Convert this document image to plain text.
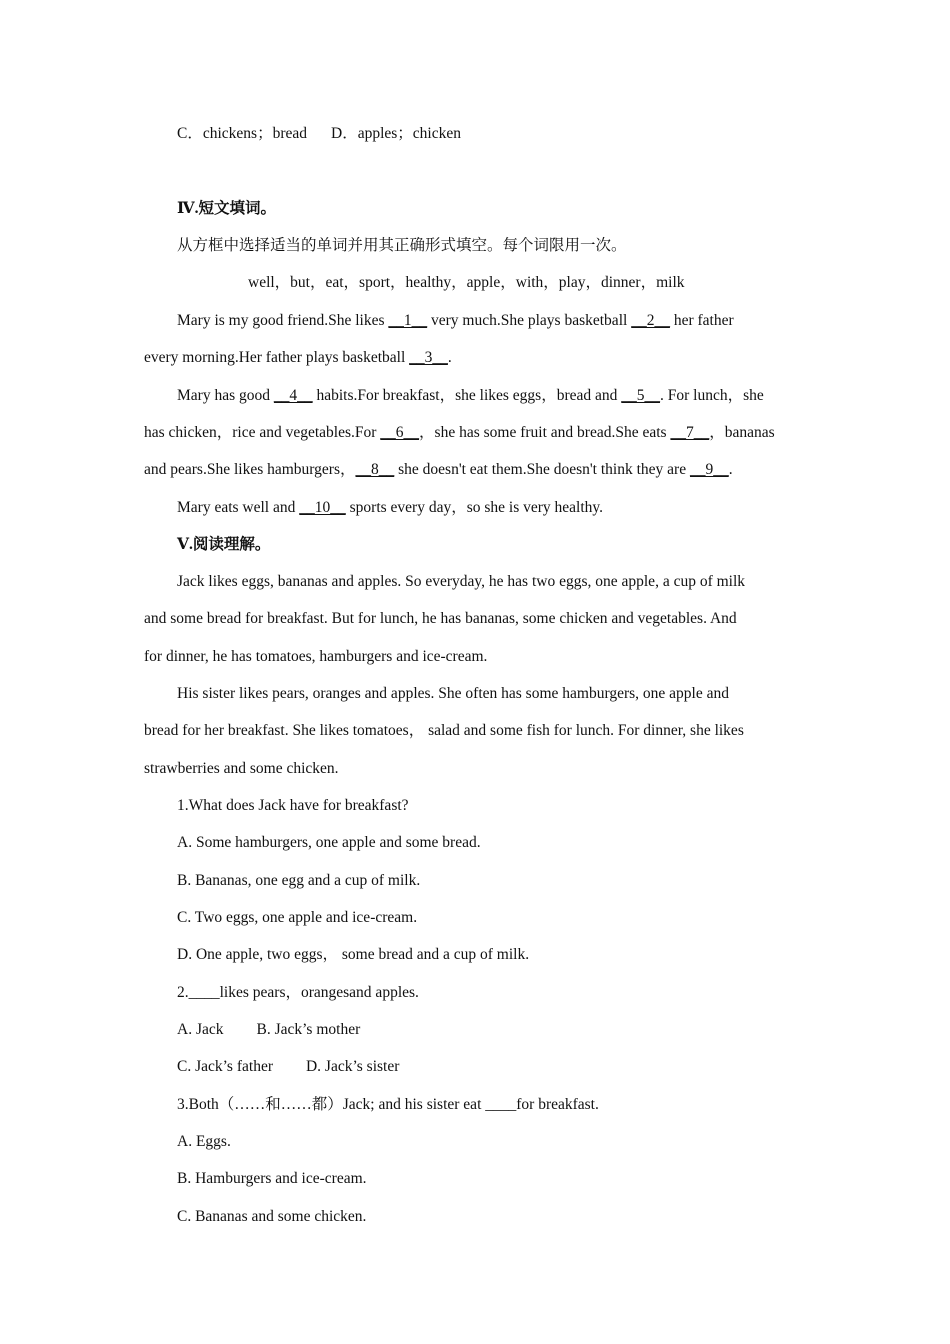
C．chickens；bread D．apples；chicken
Ⅳ.短文填词。
从方框中选择适当的单词并用其正确形式填空。每个词限用一次。
well，but，eat，sport，healthy，apple，with，play，dinner，milk
Mary is my good friend.She likes __1__ very much.She plays basketball __2__ her father
every morning.Her father plays basketball __3__.
Mary has good __4__ habits.For breakfast，she likes eggs，bread and __5__. For lunch，she
has chicken，rice and vegetables.For __6__，she has some fruit and bread.She eats __7__，bananas
and pears.She likes hamburgers，__8__ she doesn't eat them.She doesn't think they are __9__.
Mary eats well and __10__ sports every day，so she is very healthy.
Ⅴ.阅读理解。
Jack likes eggs, bananas and apples. So everyday, he has two eggs, one apple, a cup of milk
and some bread for breakfast. But for lunch, he has bananas, some chicken and vegetables. And
for dinner, he has tomatoes, hamburgers and ice-cream.
His sister likes pears, oranges and apples. She often has some hamburgers, one apple and
bread for her breakfast. She likes tomatoes， salad and some fish for lunch. For dinner, she likes
strawberries and some chicken.
1.What does Jack have for breakfast?
A. Some hamburgers, one apple and some bread.
B. Bananas, one egg and a cup of milk.
C. Two eggs, one apple and ice-cream.
D. One apple, two eggs， some bread and a cup of milk.
2.____likes pears，orangesand apples.
A. Jack B. Jack’s mother
C. Jack’s father D. Jack’s sister
3.Both（……和……都）Jack; and his sister eat ____for breakfast.
A. Eggs.
B. Hamburgers and ice-cream.
C. Bananas and some chicken.
